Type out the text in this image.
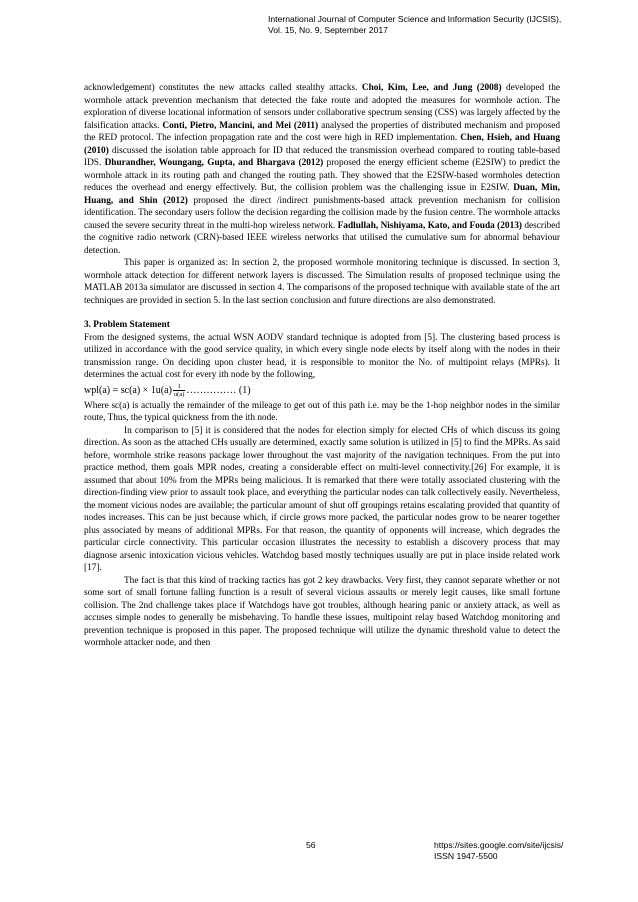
International Journal of Computer Science and Information Security (IJCSIS),
Vol. 15, No. 9, September 2017

acknowledgement) constitutes the new attacks called stealthy attacks. Choi, Kim, Lee, and Jung (2008) developed the wormhole attack prevention mechanism that detected the fake route and adopted the measures for wormhole action. The exploration of diverse locational information of sensors under collaborative spectrum sensing (CSS) was largely affected by the falsification attacks. Conti, Pietro, Mancini, and Mei (2011) analysed the properties of distributed mechanism and proposed the RED protocol. The infection propagation rate and the cost were high in RED implementation. Chen, Hsieh, and Huang (2010) discussed the isolation table approach for ID that reduced the transmission overhead compared to routing table-based IDS. Dhurandher, Woungang, Gupta, and Bhargava (2012) proposed the energy efficient scheme (E2SIW) to predict the wormhole attack in its routing path and changed the routing path. They showed that the E2SIW-based wormholes detection reduces the overhead and energy effectively. But, the collision problem was the challenging issue in E2SIW. Duan, Min, Huang, and Shin (2012) proposed the direct /indirect punishments-based attack prevention mechanism for collision identification. The secondary users follow the decision regarding the collision made by the fusion centre. The wormhole attacks caused the severe security threat in the multi-hop wireless network. Fadlullah, Nishiyama, Kato, and Fouda (2013) described the cognitive radio network (CRN)-based IEEE wireless networks that utilised the cumulative sum for abnormal behaviour detection.

This paper is organized as: In section 2, the proposed wormhole monitoring technique is discussed. In section 3, wormhole attack detection for different network layers is discussed. The Simulation results of proposed technique using the MATLAB 2013a simulator are discussed in section 4. The comparisons of the proposed technique with available state of the art techniques are provided in section 5. In the last section conclusion and future directions are also demonstrated.

3. Problem Statement

From the designed systems, the actual WSN AODV standard technique is adopted from [5]. The clustering based process is utilized in accordance with the good service quality, in which every single node elects by itself along with the nodes in their transmission range. On deciding upon cluster head, it is responsible to monitor the No. of multipoint relays (MPRs). It determines the actual cost for every ith node by the following,

$wpl(a) = sc(a) \times 1u(a) \frac{1}{u(a)}$ …………… (1)

Where sc(a) is actually the remainder of the mileage to get out of this path i.e. may be the 1-hop neighbor nodes in the similar route, Thus, the typical quickness from the ith node.

In comparison to [5] it is considered that the nodes for election simply for elected CHs of which discuss its going direction. As soon as the attached CHs usually are determined, exactly same solution is utilized in [5] to find the MPRs. As said before, wormhole strike reasons package lower throughout the vast majority of the navigation techniques. From the put into practice method, them goals MPR nodes, creating a considerable effect on multi-level connectivity.[26] For example, it is assumed that about 10% from the MPRs being malicious. It is remarked that there were totally associated clustering with the direction-finding view prior to assault took place, and everything the particular nodes can talk collectively easily. Nevertheless, the moment vicious nodes are available; the particular amount of shut off groupings retains escalating provided that quantity of nodes increases. This can be just because which, if circle grows more packed, the particular nodes grow to be nearer together plus associated by means of additional MPRs. For that reason, the quantity of opponents will increase, which degrades the particular circle connectivity. This particular occasion illustrates the necessity to establish a discovery process that may diagnose arsenic intoxication vicious vehicles. Watchdog based mostly techniques usually are put in place inside related work [17].

The fact is that this kind of tracking tactics has got 2 key drawbacks. Very first, they cannot separate whether or not some sort of small fortune falling function is a result of several vicious assaults or merely legit causes, like small fortune collision. The 2nd challenge takes place if Watchdogs have got troubles, although hearing panic or anxiety attack, as well as accuses simple nodes to generally be misbehaving. To handle these issues, multipoint relay based Watchdog monitoring and prevention technique is proposed in this paper. The proposed technique will utilize the dynamic threshold value to detect the wormhole attacker node, and then

56	https://sites.google.com/site/ijcsis/
ISSN 1947-5500
